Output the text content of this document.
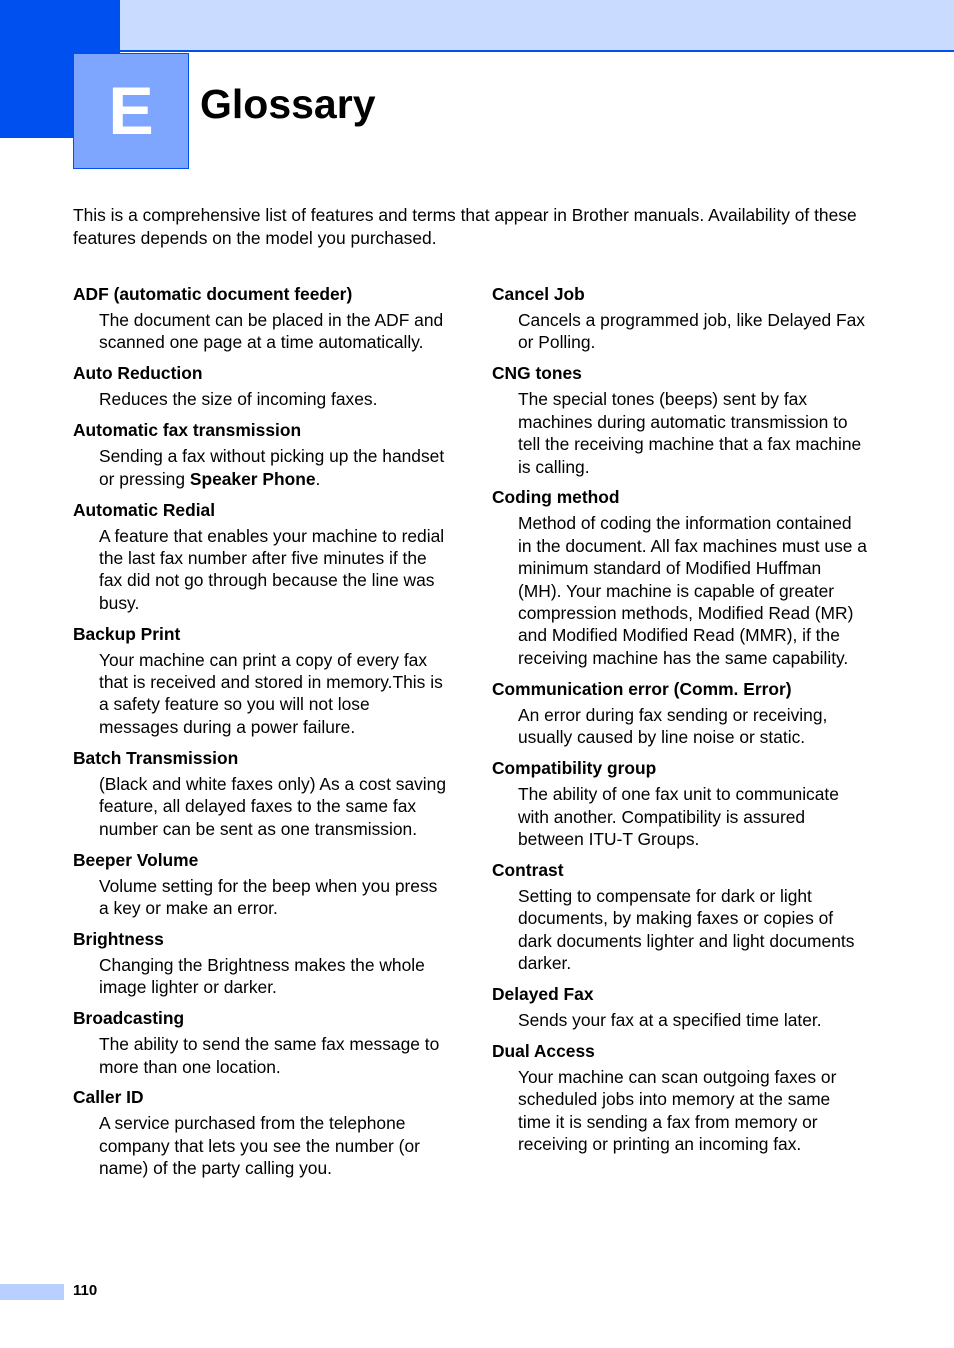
E Glossary

This is a comprehensive list of features and terms that appear in Brother manuals. Availability of these features depends on the model you purchased.

ADF (automatic document feeder)
The document can be placed in the ADF and scanned one page at a time automatically.
Auto Reduction
Reduces the size of incoming faxes.
Automatic fax transmission
Sending a fax without picking up the handset or pressing Speaker Phone.
Automatic Redial
A feature that enables your machine to redial the last fax number after five minutes if the fax did not go through because the line was busy.
Backup Print
Your machine can print a copy of every fax that is received and stored in memory.This is a safety feature so you will not lose messages during a power failure.
Batch Transmission
(Black and white faxes only) As a cost saving feature, all delayed faxes to the same fax number can be sent as one transmission.
Beeper Volume
Volume setting for the beep when you press a key or make an error.
Brightness
Changing the Brightness makes the whole image lighter or darker.
Broadcasting
The ability to send the same fax message to more than one location.
Caller ID
A service purchased from the telephone company that lets you see the number (or name) of the party calling you.
Cancel Job
Cancels a programmed job, like Delayed Fax or Polling.
CNG tones
The special tones (beeps) sent by fax machines during automatic transmission to tell the receiving machine that a fax machine is calling.
Coding method
Method of coding the information contained in the document. All fax machines must use a minimum standard of Modified Huffman (MH). Your machine is capable of greater compression methods, Modified Read (MR) and Modified Modified Read (MMR), if the receiving machine has the same capability.
Communication error (Comm. Error)
An error during fax sending or receiving, usually caused by line noise or static.
Compatibility group
The ability of one fax unit to communicate with another. Compatibility is assured between ITU-T Groups.
Contrast
Setting to compensate for dark or light documents, by making faxes or copies of dark documents lighter and light documents darker.
Delayed Fax
Sends your fax at a specified time later.
Dual Access
Your machine can scan outgoing faxes or scheduled jobs into memory at the same time it is sending a fax from memory or receiving or printing an incoming fax.
110
